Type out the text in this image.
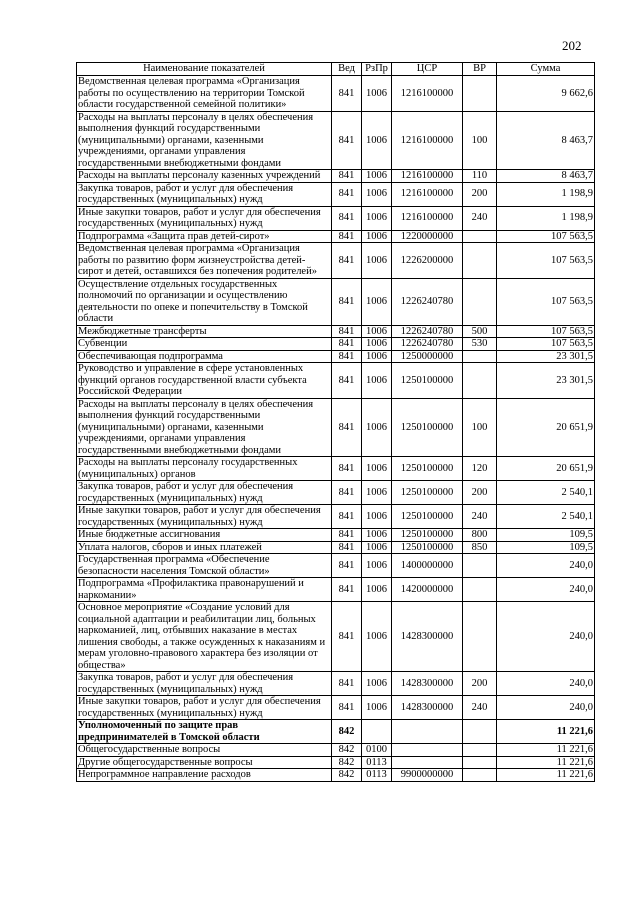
202
Наименование показателей	Вед	РзПр	ЦСР	ВР	Сумма
Ведомственная целевая программа «Организация работы по осуществлению на территории Томской области государственной семейной политики»	841	1006	1216100000		9 662,6
Расходы на выплаты персоналу в целях обеспечения выполнения функций государственными (муниципальными) органами, казенными учреждениями, органами управления государственными внебюджетными фондами	841	1006	1216100000	100	8 463,7
Расходы на выплаты персоналу казенных учреждений	841	1006	1216100000	110	8 463,7
Закупка товаров, работ и услуг для обеспечения государственных (муниципальных) нужд	841	1006	1216100000	200	1 198,9
Иные закупки товаров, работ и услуг для обеспечения государственных (муниципальных) нужд	841	1006	1216100000	240	1 198,9
Подпрограмма «Защита прав детей-сирот»	841	1006	1220000000		107 563,5
Ведомственная целевая программа «Организация работы по развитию форм жизнеустройства детей-сирот и детей, оставшихся без попечения родителей»	841	1006	1226200000		107 563,5
Осуществление отдельных государственных полномочий по организации и осуществлению деятельности по опеке и попечительству в Томской области	841	1006	1226240780		107 563,5
Межбюджетные трансферты	841	1006	1226240780	500	107 563,5
Субвенции	841	1006	1226240780	530	107 563,5
Обеспечивающая подпрограмма	841	1006	1250000000		23 301,5
Руководство и управление в сфере установленных функций органов государственной власти субъекта Российской Федерации	841	1006	1250100000		23 301,5
Расходы на выплаты персоналу в целях обеспечения выполнения функций государственными (муниципальными) органами, казенными учреждениями, органами управления государственными внебюджетными фондами	841	1006	1250100000	100	20 651,9
Расходы на выплаты персоналу государственных (муниципальных) органов	841	1006	1250100000	120	20 651,9
Закупка товаров, работ и услуг для обеспечения государственных (муниципальных) нужд	841	1006	1250100000	200	2 540,1
Иные закупки товаров, работ и услуг для обеспечения государственных (муниципальных) нужд	841	1006	1250100000	240	2 540,1
Иные бюджетные ассигнования	841	1006	1250100000	800	109,5
Уплата налогов, сборов и иных платежей	841	1006	1250100000	850	109,5
Государственная программа «Обеспечение безопасности населения Томской области»	841	1006	1400000000		240,0
Подпрограмма «Профилактика правонарушений и наркомании»	841	1006	1420000000		240,0
Основное мероприятие «Создание условий для социальной адаптации и реабилитации лиц, больных наркоманией, лиц, отбывших наказание в местах лишения свободы, а также осужденных к наказаниям и мерам уголовно-правового характера без изоляции от общества»	841	1006	1428300000		240,0
Закупка товаров, работ и услуг для обеспечения государственных (муниципальных) нужд	841	1006	1428300000	200	240,0
Иные закупки товаров, работ и услуг для обеспечения государственных (муниципальных) нужд	841	1006	1428300000	240	240,0
Уполномоченный по защите прав предпринимателей в Томской области	842				11 221,6
Общегосударственные вопросы	842	0100			11 221,6
Другие общегосударственные вопросы	842	0113			11 221,6
Непрограммное направление расходов	842	0113	9900000000		11 221,6
